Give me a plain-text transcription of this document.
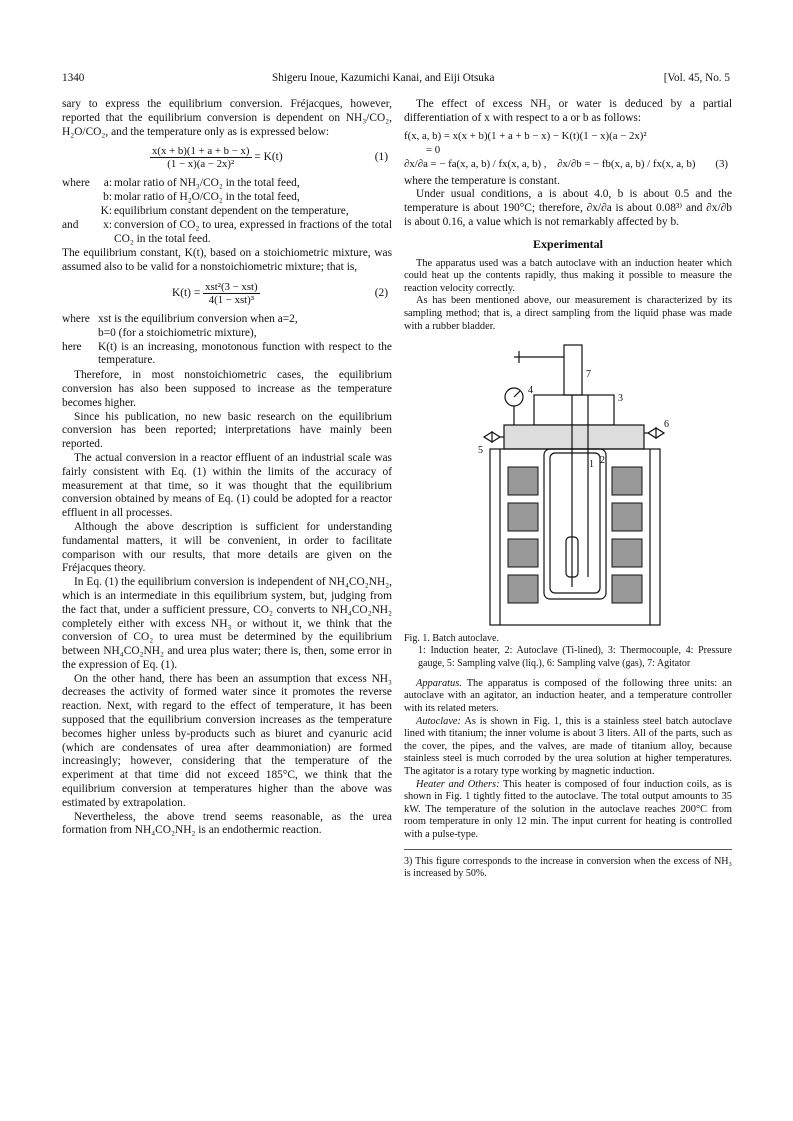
1340	Shigeru Inoue, Kazumichi Kanai, and Eiji Otsuka	[Vol. 45, No. 5

sary to express the equilibrium conversion. Fréjacques, however, reported that the equilibrium conversion is dependent on NH₃/CO₂, H₂O/CO₂, and the temperature only as is expressed below:

$\frac{x(x + b)(1 + a + b - x)}{\text{(1 − x)(a − 2x)²}} = K(t)$	(1)
where	a: molar ratio of NH₃/CO₂ in the total feed,
b: molar ratio of H₂O/CO₂ in the total feed,
K: equilibrium constant dependent on the temperature,
and	x: conversion of CO₂ to urea, expressed in fractions of the total CO₂ in the total feed.

The equilibrium constant, K(t), based on a stoichiometric mixture, was assumed also to be valid for a nonstoichiometric mixture; that is,

$K(t) = \frac{\text{xst²(3 − xst)}}{\text{4(1 − xst)³}}$	(2)
where xst is the equilibrium conversion when a=2,
b=0 (for a stoichiometric mixture),
here	K(t) is an increasing, monotonous function with respect to the temperature.

Therefore, in most nonstoichiometric cases, the equilibrium conversion has also been supposed to increase as the temperature becomes higher.

Since his publication, no new basic research on the equilibrium conversion has been reported; interpretations have mainly been reported.

The actual conversion in a reactor effluent of an industrial scale was fairly consistent with Eq. (1) within the limits of the accuracy of measurement at that time, so it was thought that the equilibrium conversion obtained by means of Eq. (1) could be adopted for a reactor effluent in all processes.

Although the above description is sufficient for understanding fundamental matters, it will be convenient, in order to facilitate comparison with our results, that more details are given on the Fréjacques theory.

In Eq. (1) the equilibrium conversion is independent of NH₄CO₂NH₂, which is an intermediate in this equilibrium system, but, judging from the fact that, under a sufficient pressure, CO₂ converts to NH₄CO₂NH₂ completely either with excess NH₃ or without it, we think that the conversion of CO₂ to urea must be determined by the equilibrium between NH₄CO₂NH₂ and urea plus water; there is, then, some error in the expression of Eq. (1).

On the other hand, there has been an assumption that excess NH₃ decreases the activity of formed water since it promotes the reverse reaction. Next, with regard to the effect of temperature, it has been supposed that the equilibrium conversion increases as the temperature becomes higher unless by-products such as biuret and cyanuric acid (which are condensates of urea after deammoniation) are formed increasingly; however, considering that the temperature of the experiment at that time did not exceed 185°C, we think that the equilibrium conversion at temperatures higher than the above was estimated by extrapolation.

Nevertheless, the above trend seems reasonable, as the urea formation from NH₄CO₂NH₂ is an endothermic reaction.

The effect of excess NH₃ or water is deduced by a partial differentiation of x with respect to a or b as follows:

f(x, a, b) = x(x + b)(1 + a + b − x) − K(t)(1 − x)(a − 2x)²
= 0
∂x/∂a = − fa(x, a, b) / fx(x, a, b) , ∂x/∂b = − fb(x, a, b) / fx(x, a, b) (3)

where the temperature is constant.

Under usual conditions, a is about 4.0, b is about 0.5 and the temperature is about 190°C; therefore, ∂x/∂a is about 0.08³⁾ and ∂x/∂b is about 0.16, a value which is not remarkably affected by b.

Experimental

The apparatus used was a batch autoclave with an induction heater which could heat up the contents rapidly, thus making it possible to measure the reaction velocity correctly.

As has been mentioned above, our measurement is characterized by its sampling method; that is, a direct sampling from the liquid phase was made with a rubber bladder.

1 2
3
4
5
6
7
Fig. 1. Batch autoclave.
1: Induction heater, 2: Autoclave (Ti-lined), 3: Thermocouple, 4: Pressure gauge, 5: Sampling valve (liq.), 6: Sampling valve (gas), 7: Agitator

Apparatus. The apparatus is composed of the following three units: an autoclave with an agitator, an induction heater, and a temperature controller with its related meters.

Autoclave: As is shown in Fig. 1, this is a stainless steel batch autoclave lined with titanium; the inner volume is about 3 liters. All of the parts, such as the cover, the pipes, and the valves, are made of titanium alloy, because stainless steel is much corroded by the urea solution at higher temperatures. The agitator is a rotary type working by magnetic induction.

Heater and Others: This heater is composed of four induction coils, as is shown in Fig. 1 tightly fitted to the autoclave. The total output amounts to 35 kW. The temperature of the solution in the autoclave reaches 200°C from room temperature in only 12 min. The input current for heating is controlled with a pulse-type.

3) This figure corresponds to the increase in conversion when the excess of NH₃ is increased by 50%.
